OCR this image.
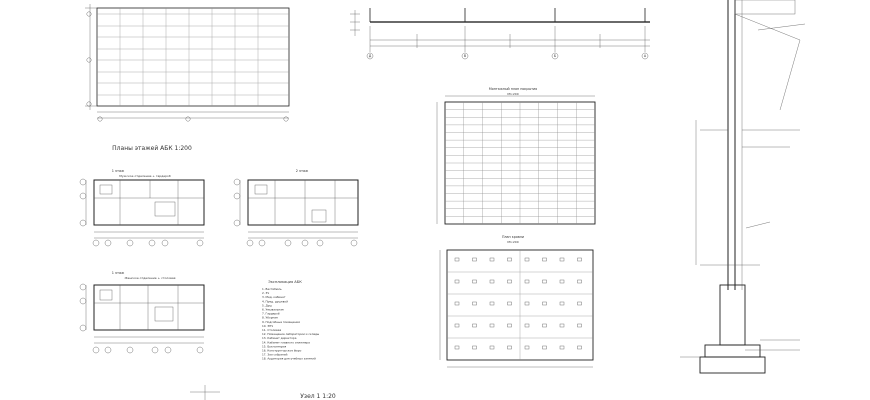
Д	В	Б	А
Планы этажей АБК 1:200
1 этаж
Мужское отделение + гардероб
2 этаж
1 этаж
Женское отделение + столовая
Экспликация АБК
1. Вестибюль
2. ЗЧ
3. Мед. кабинет
4. Пред. душевой
5. Душ
6. Умывальная
7. Гардероб
8. Уборная
9. Подсобные помещения
10. ЗПЧ
11. Столовая
12. Помещение лаборатории и склады
13. Кабинет директора
14. Кабинет главного инженера
15. Бухгалтерия
16. Конструкторское бюро
17. Зал собраний
18. Аудитория для учебных занятий
Монтажный план покрытия
М1:200
План кровли
М1:200
Узел 1 1:20
